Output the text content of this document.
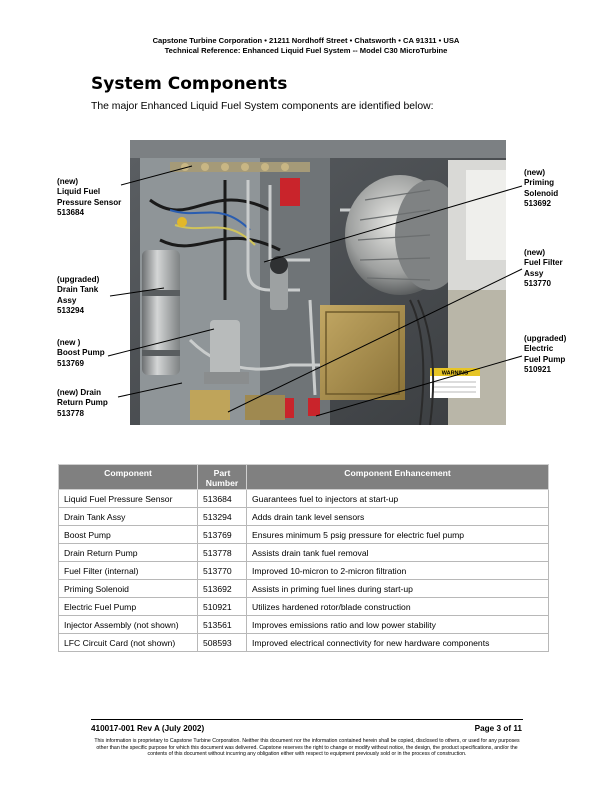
Capstone Turbine Corporation • 21211 Nordhoff Street • Chatsworth • CA 91311 • USA
Technical Reference: Enhanced Liquid Fuel System -- Model C30 MicroTurbine
System Components
The major Enhanced Liquid Fuel System components are identified below:
WARNING
(new)
Liquid Fuel
Pressure Sensor
513684
(upgraded)
Drain Tank
Assy
513294
(new )
Boost Pump
513769
(new) Drain
Return Pump
513778
(new)
Priming
Solenoid
513692
(new)
Fuel Filter
Assy
513770
(upgraded)
Electric
Fuel Pump
510921
Component	Part Number	Component Enhancement
Liquid Fuel Pressure Sensor	513684	Guarantees fuel to injectors at start-up
Drain Tank Assy	513294	Adds drain tank level sensors
Boost Pump	513769	Ensures minimum 5 psig pressure for electric fuel pump
Drain Return Pump	513778	Assists drain tank fuel removal
Fuel Filter (internal)	513770	Improved 10-micron to 2-micron filtration
Priming Solenoid	513692	Assists in priming fuel lines during start-up
Electric Fuel Pump	510921	Utilizes hardened rotor/blade construction
Injector Assembly (not shown)	513561	Improves emissions ratio and low power stability
LFC Circuit Card (not shown)	508593	Improved electrical connectivity for new hardware components
410017-001 Rev A (July 2002)	Page 3 of 11
This information is proprietary to Capstone Turbine Corporation. Neither this document nor the information contained herein shall be copied, disclosed to others, or used for any purposes other than the specific purpose for which this document was delivered. Capstone reserves the right to change or modify without notice, the design, the product specifications, and/or the contents of this document without incurring any obligation either with respect to equipment previously sold or in the process of construction.
